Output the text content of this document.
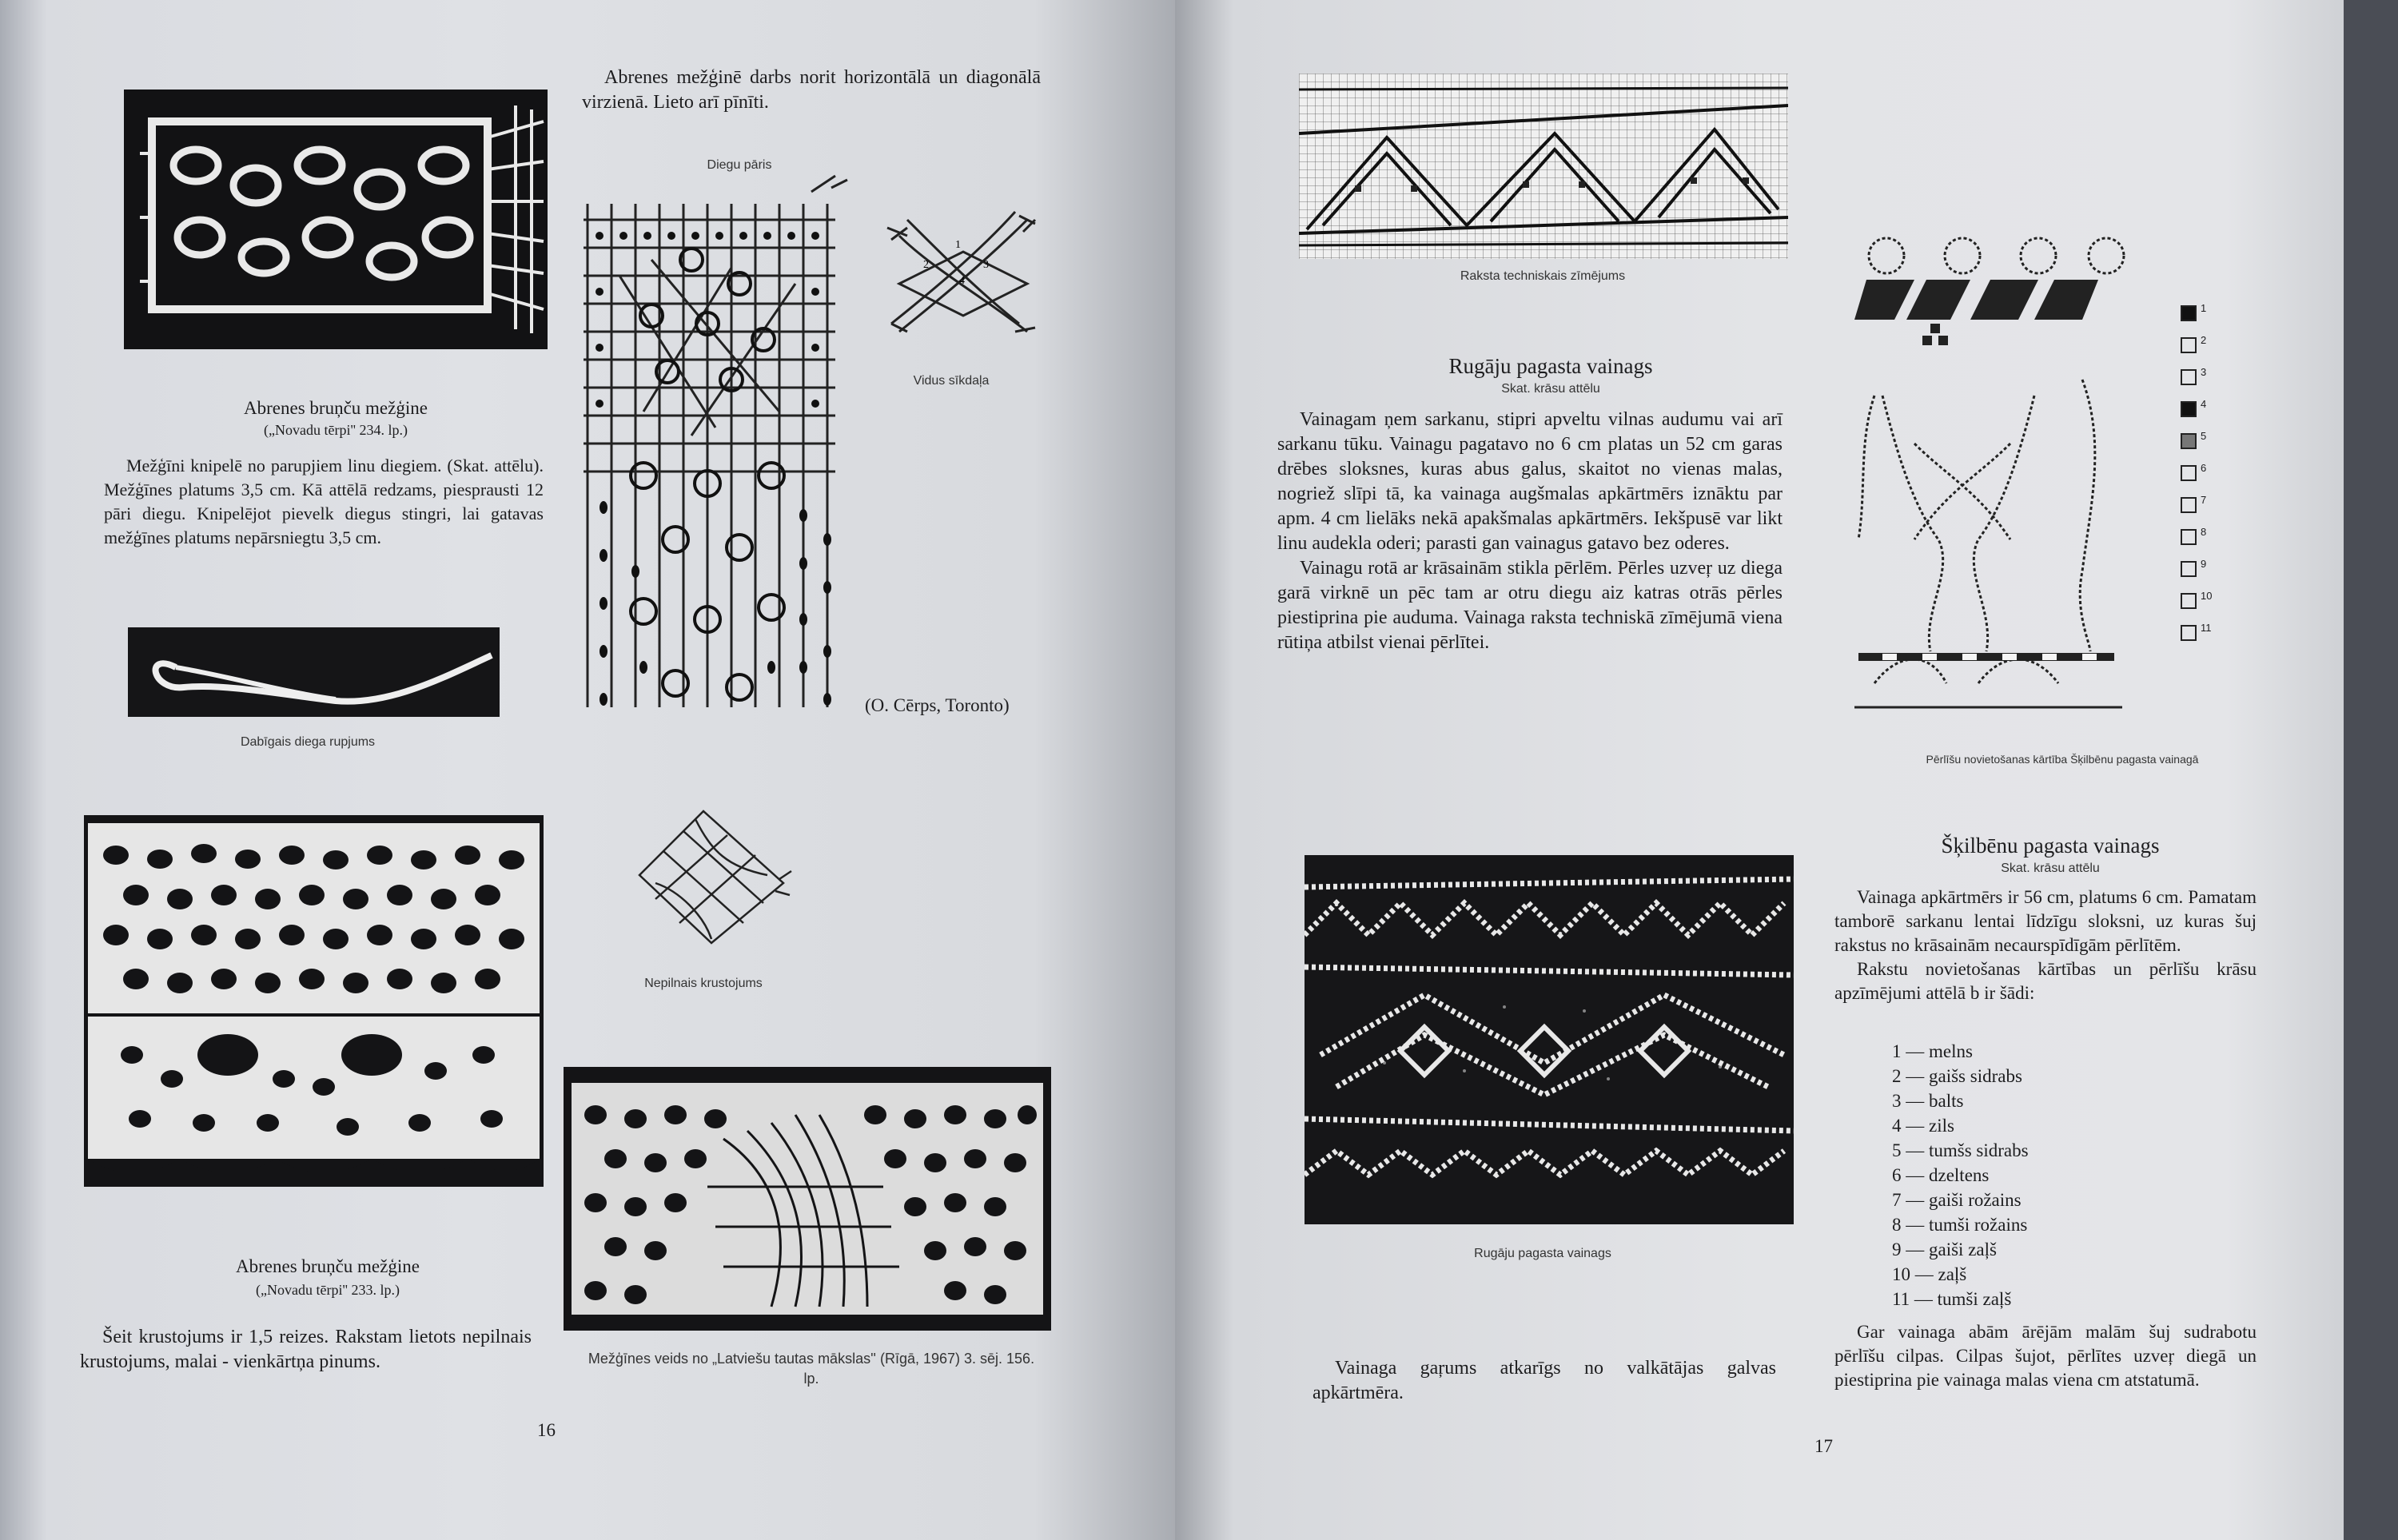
Abrenes mežģinē darbs norit horizontālā un diagonālā virzienā. Lieto arī pīnīti.

Diegu pāris
2
1
3
4
Vidus sīkdaļa
(O. Cērps, Toronto)
Abrenes bruņču mežģine
(„Novadu tērpi'' 234. lp.)

Mežģīni knipelē no parupjiem linu diegiem. (Skat. attēlu). Mežģīnes platums 3,5 cm. Kā attēlā redzams, piesprausti 12 pāri diegu. Knipelējot pievelk diegus stingri, lai gatavas mežģīnes platums nepārsniegtu 3,5 cm.

Dabīgais diega rupjums
Nepilnais krustojums
Abrenes bruņču mežģine
(„Novadu tērpi'' 233. lp.)

Šeit krustojums ir 1,5 reizes. Rakstam lietots nepilnais krustojums, malai - vienkārtņa pinums.	Mežģīnes veids no „Latviešu tautas mākslas'' (Rīgā, 1967) 3. sēj. 156. lp.
16
Raksta techniskais zīmējums
Rugāju pagasta vainags
Skat. krāsu attēlu

Vainagam ņem sarkanu, stipri apveltu vilnas audumu vai arī sarkanu tūku. Vainagu pagatavo no 6 cm platas un 52 cm garas drēbes sloksnes, kuras abus galus, skaitot no vienas malas, nogriež slīpi tā, ka vainaga augšmalas apkārtmērs iznāktu par apm. 4 cm lielāks nekā apakšmalas apkārtmērs. Iekšpusē var likt linu audekla oderi; parasti gan vainagus gatavo bez oderes.

Vainagu rotā ar krāsainām stikla pērlēm. Pērles uzveŗ uz diega garā virknē un pēc tam ar otru diegu aiz katras otrās pērles piestiprina pie auduma. Vainaga raksta techniskā zīmējumā viena rūtiņa atbilst vienai pērlītei.

1
2
3
4
5
6
7
8
9
10
11
Pērlīšu novietošanas kārtība Šķilbēnu pagasta vainagā
Šķilbēnu pagasta vainags
Skat. krāsu attēlu

Vainaga apkārtmērs ir 56 cm, platums 6 cm. Pamatam tamborē sarkanu lentai līdzīgu sloksni, uz kuras šuj rakstus no krāsainām necaurspīdīgām pērlītēm.

Rakstu novietošanas kārtības un pērlīšu krāsu apzīmējumi attēlā b ir šādi:

1 — melns
2 — gaišs sidrabs
3 — balts
4 — zils
5 — tumšs sidrabs
6 — dzeltens
7 — gaiši rožains
8 — tumši rožains
9 — gaiši zaļš
10 — zaļš
11 — tumši zaļš

Gar vainaga abām ārējām malām šuj sudrabotu pērlīšu cilpas. Cilpas šujot, pērlītes uzveŗ diegā un piestiprina pie vainaga malas viena cm atstatumā.

Rugāju pagasta vainags

Vainaga gaŗums atkarīgs no valkātājas galvas apkārtmēra.

17
